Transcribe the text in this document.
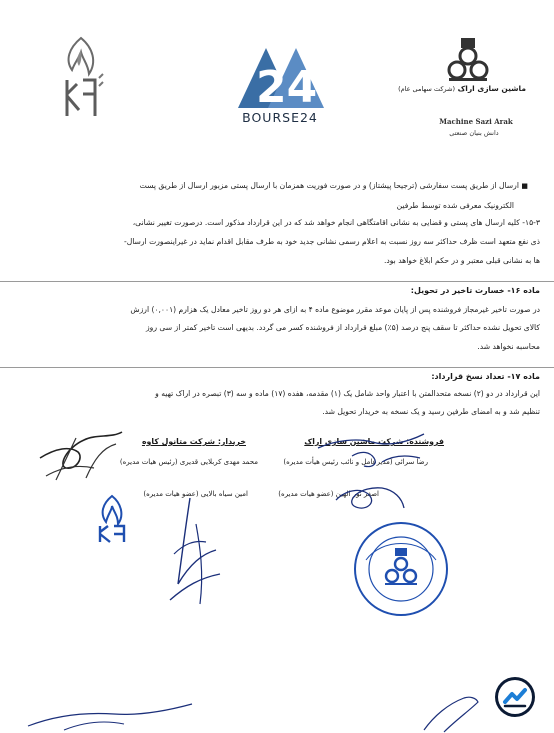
24
BOURSE24
ماشین سازی اراک (شرکت سهامی عام)
Machine Sazi Arak
دانش بنیان صنعتی
■ ارسال از طریق پست سفارشی (ترجیحا پیشتاز) و در صورت فوریت همزمان با ارسال پستی مزبور ارسال از طریق پست
الکترونیک معرفی شده توسط طرفین
۱۵-۳- کلیه ارسال های پستی و قضایی به نشانی اقامتگاهی انجام خواهد شد که در این قرارداد مذکور است. درصورت تغییر نشانی،
ذی نفع متعهد است ظرف حداکثر سه روز نسبت به اعلام رسمی نشانی جدید خود به طرف مقابل اقدام نماید در غیراینصورت ارسال-
ها به نشانی قبلی معتبر و در حکم ابلاغ خواهد بود.
ماده ۱۶- خسارت تاخیر در تحویل:
در صورت تاخیر غیرمجاز فروشنده پس از پایان موعد مقرر موضوع ماده ۴ به ازای هر دو روز تاخیر معادل یک هزارم (۰,۰۰۱) ارزش
کالای تحویل نشده حداکثر تا سقف پنج درصد (۵٪) مبلغ قرارداد از فروشنده کسر می گردد. بدیهی است تاخیر کمتر از سی روز
محاسبه نخواهد شد.
ماده ۱۷- تعداد نسخ قرارداد:
این قرارداد در دو (۲) نسخه متحدالمتن با اعتبار واحد شامل یک (۱) مقدمه، هفده (۱۷) ماده و سه (۳) تبصره در اراک تهیه و
تنظیم شد و به امضای طرفین رسید و یک نسخه به خریدار تحویل شد.
فروشنده: شرکت ماشین سازی اراک
رضا سرائی (مدیرعامل و نائب رئیس هیأت مدیره)
اصغر نور الهین (عضو هیات مدیره)
خریدار: شرکت متانول کاوه
محمد مهدی کربلایی قدیری (رئیس هیات مدیره)
امین سیاه بالایی (عضو هیات مدیره)
